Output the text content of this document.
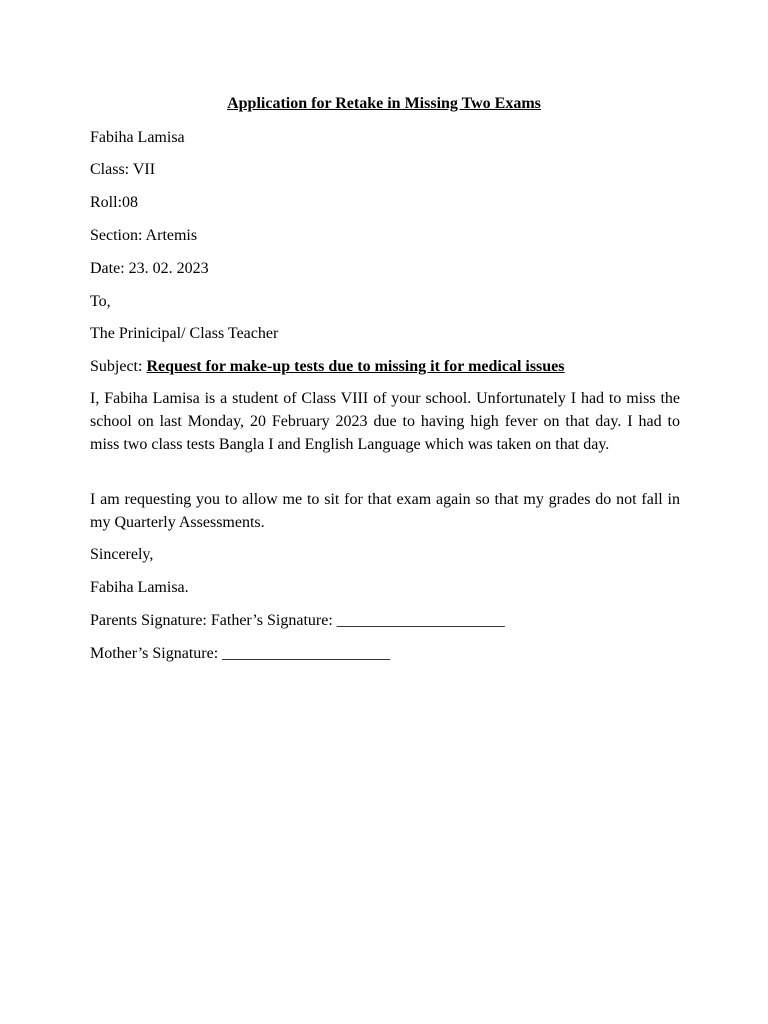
Application for Retake in Missing Two Exams
Fabiha Lamisa
Class: VII
Roll:08
Section: Artemis
Date: 23. 02. 2023
To,
The Prinicipal/ Class Teacher
Subject: Request for make-up tests due to missing it for medical issues
I, Fabiha Lamisa is a student of Class VIII of your school. Unfortunately I had to miss the school on last Monday, 20 February 2023 due to having high fever on that day. I had to miss two class tests Bangla I and English Language which was taken on that day.
I am requesting you to allow me to sit for that exam again so that my grades do not fall in my Quarterly Assessments.
Sincerely,
Fabiha Lamisa.
Parents Signature: Father’s Signature: _____________________
Mother’s Signature: _____________________
